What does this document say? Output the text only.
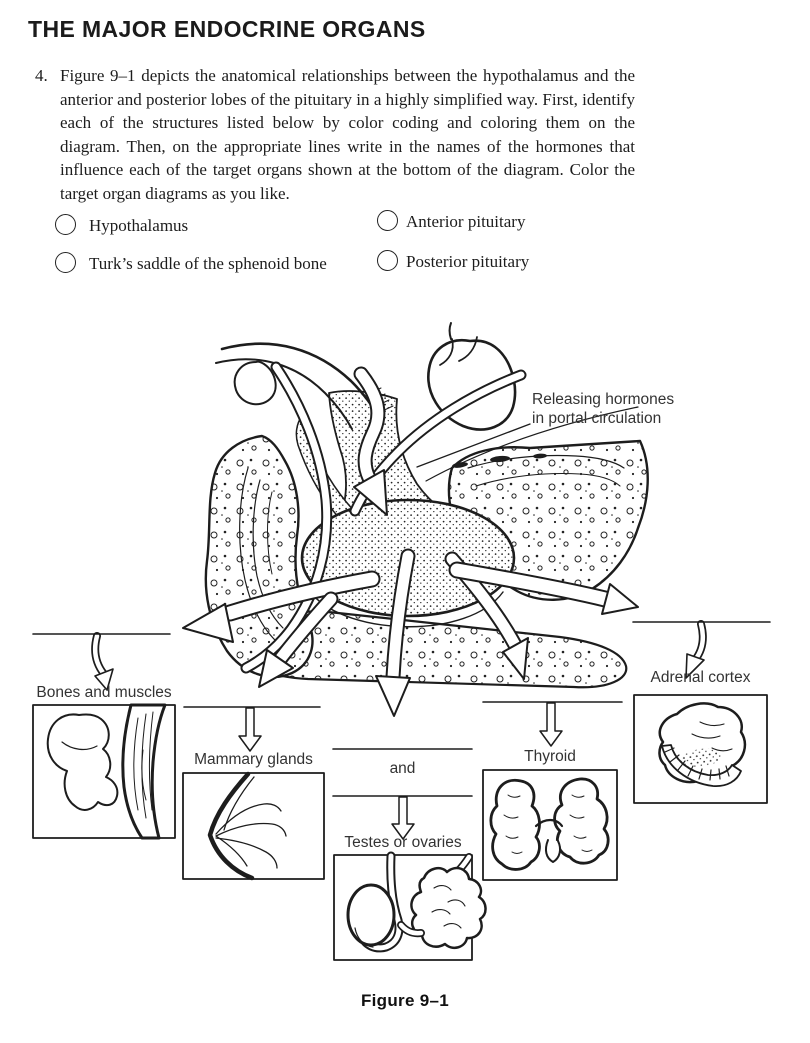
THE MAJOR ENDOCRINE ORGANS
4. Figure 9–1 depicts the anatomical relationships between the hypothalamus and the anterior and posterior lobes of the pituitary in a highly simplified way. First, identify each of the structures listed below by color coding and coloring them on the diagram. Then, on the appropriate lines write in the names of the hormones that influence each of the target organs shown at the bottom of the diagram. Color the target organ diagrams as you like.

Hypothalamus
Turk’s saddle of the sphenoid bone
Anterior pituitary
Posterior pituitary
Releasing hormones
in portal circulation
Bones and muscles
Mammary glands
and
Testes or ovaries
Thyroid
Adrenal cortex
Figure 9–1
